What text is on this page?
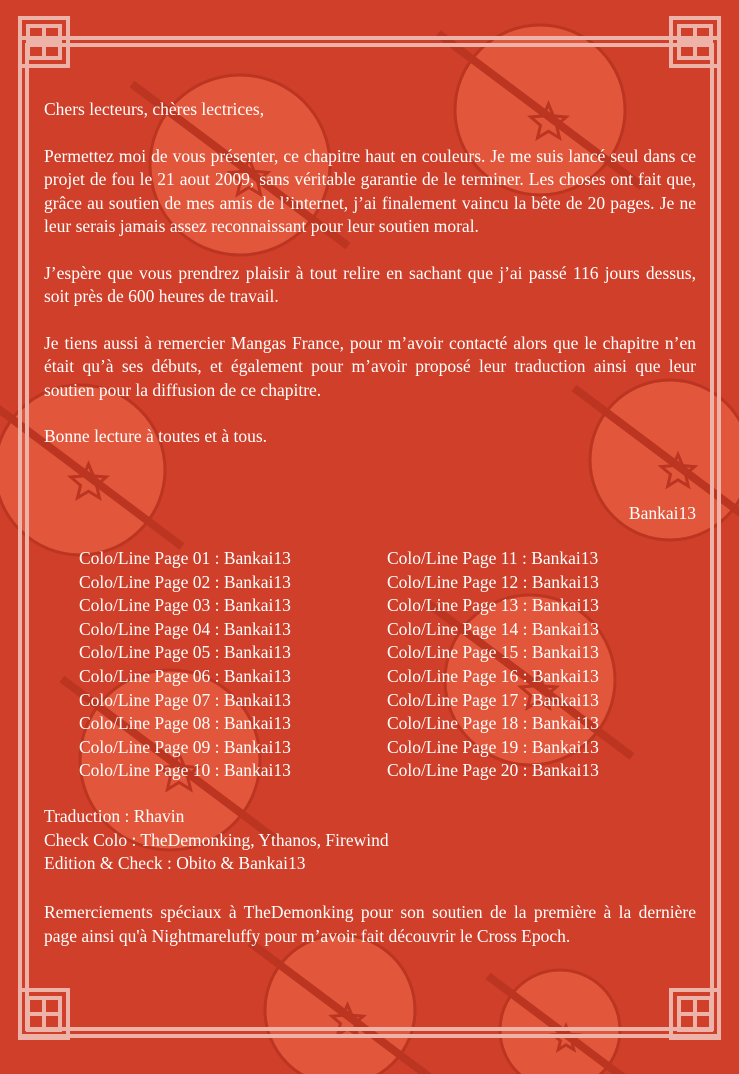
Chers lecteurs, chères lectrices,

Permettez moi de vous présenter, ce chapitre haut en couleurs. Je me suis lancé seul dans ce projet de fou le 21 aout 2009, sans véritable garantie de le terminer. Les choses ont fait que, grâce au soutien de mes amis de l’internet, j’ai finalement vaincu la bête de 20 pages. Je ne leur serais jamais assez reconnaissant pour leur soutien moral.

J’espère que vous prendrez plaisir à tout relire en sachant que j’ai passé 116 jours dessus, soit près de 600 heures de travail.

Je tiens aussi à remercier Mangas France, pour m’avoir contacté alors que le chapitre n’en était qu’à ses débuts, et également pour m’avoir proposé leur traduction ainsi que leur soutien pour la diffusion de ce chapitre.

Bonne lecture à toutes et à tous.

Bankai13
Colo/Line Page 01 : Bankai13
Colo/Line Page 02 : Bankai13
Colo/Line Page 03 : Bankai13
Colo/Line Page 04 : Bankai13
Colo/Line Page 05 : Bankai13
Colo/Line Page 06 : Bankai13
Colo/Line Page 07 : Bankai13
Colo/Line Page 08 : Bankai13
Colo/Line Page 09 : Bankai13
Colo/Line Page 10 : Bankai13
Colo/Line Page 11 : Bankai13
Colo/Line Page 12 : Bankai13
Colo/Line Page 13 : Bankai13
Colo/Line Page 14 : Bankai13
Colo/Line Page 15 : Bankai13
Colo/Line Page 16 : Bankai13
Colo/Line Page 17 : Bankai13
Colo/Line Page 18 : Bankai13
Colo/Line Page 19 : Bankai13
Colo/Line Page 20 : Bankai13
Traduction : Rhavin
Check Colo : TheDemonking, Ythanos, Firewind
Edition & Check : Obito & Bankai13
Remerciements spéciaux à TheDemonking pour son soutien de la première à la dernière page ainsi qu'à Nightmareluffy pour m’avoir fait découvrir le Cross Epoch.
